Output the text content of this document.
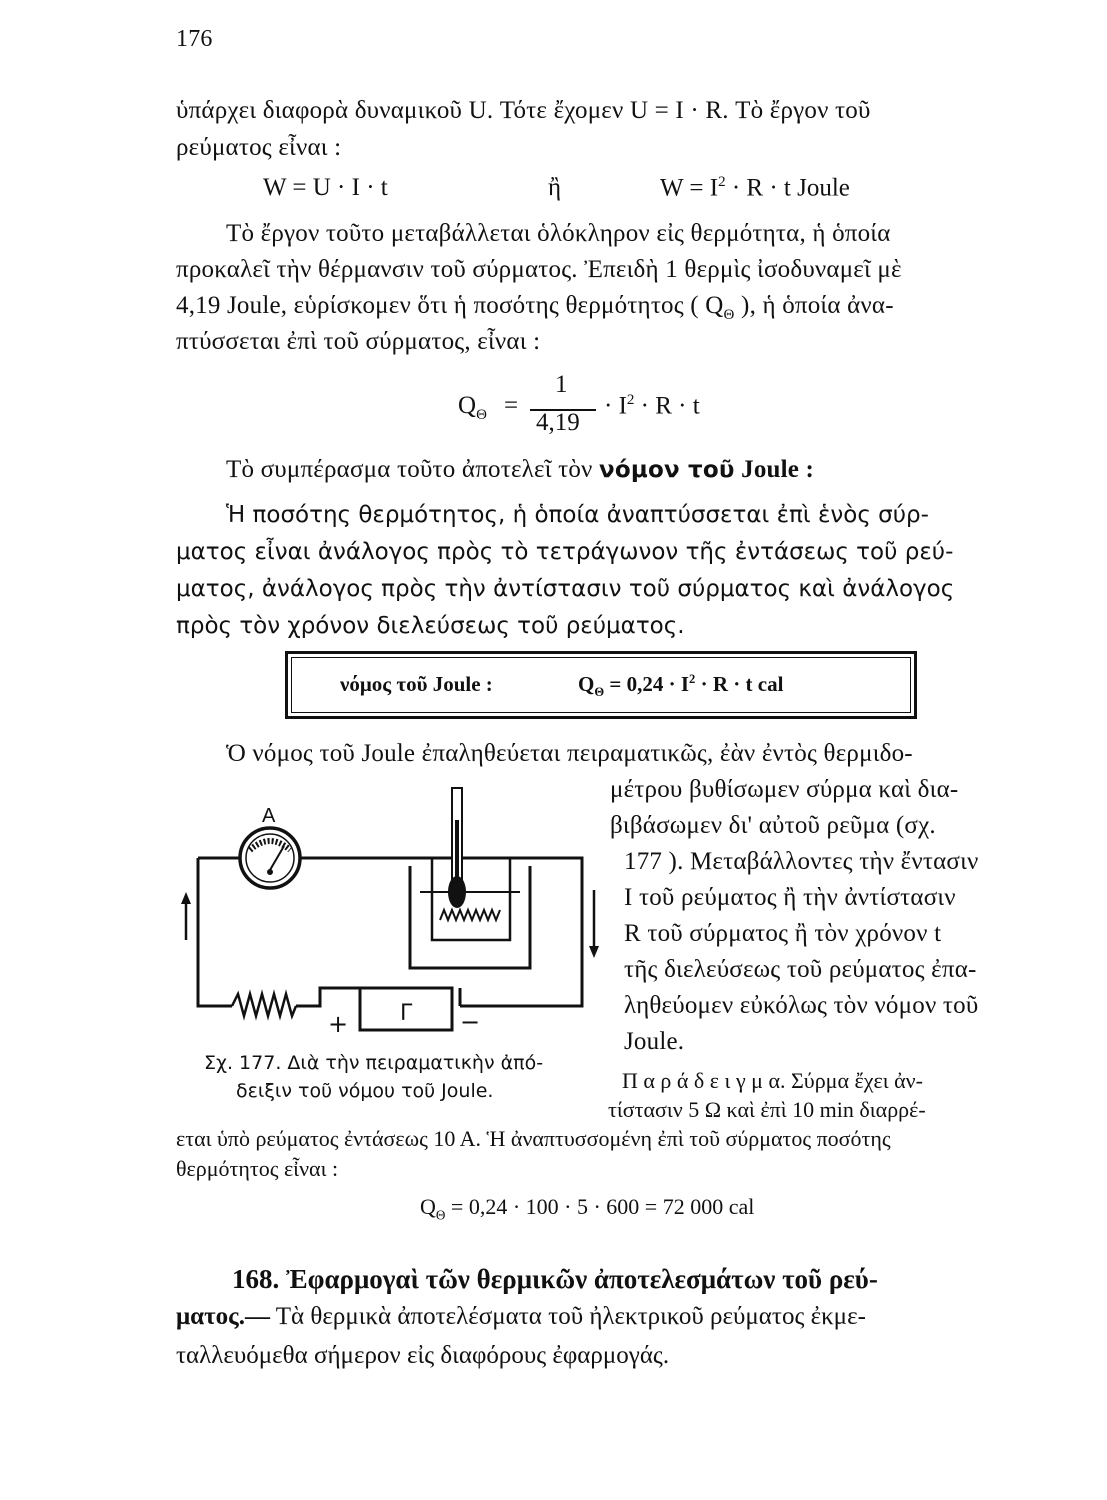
176
ὑπάρχει διαφορὰ δυναμικοῦ U. Τότε ἔχομεν U = I · R. Τὸ ἔργον τοῦ
ρεύματος εἶναι :
W = U · I · t	ἢ	$W = I^2 \cdot R \cdot t$ Joule
Τὸ ἔργον τοῦτο μεταβάλλεται ὁλόκληρον εἰς θερμότητα, ἡ ὁποία
προκαλεῖ τὴν θέρμανσιν τοῦ σύρματος. Ἐπειδὴ 1 θερμὶς ἰσοδυναμεῖ μὲ
4,19 Joule, εὑρίσκομεν ὅτι ἡ ποσότης θερμότητος ( $Q_\Theta$ ), ἡ ὁποία ἀνα-
πτύσσεται ἐπὶ τοῦ σύρματος, εἶναι :
$Q_\Theta$ =
1
4,19
· $I^2 \cdot R \cdot t$
Τὸ συμπέρασμα τοῦτο ἀποτελεῖ τὸν νόμον τοῦ Joule :
Ἡ ποσότης θερμότητος, ἡ ὁποία ἀναπτύσσεται ἐπὶ ἑνὸς σύρ-
ματος εἶναι ἀνάλογος πρὸς τὸ τετράγωνον τῆς ἐντάσεως τοῦ ρεύ-
ματος, ἀνάλογος πρὸς τὴν ἀντίστασιν τοῦ σύρματος καὶ ἀνάλογος
πρὸς τὸν χρόνον διελεύσεως τοῦ ρεύματος.
νόμος τοῦ Joule :	$Q_\Theta = 0,24 \cdot I^2 \cdot R \cdot t$ cal
Ὁ νόμος τοῦ Joule ἐπαληθεύεται πειραματικῶς, ἐὰν ἐντὸς θερμιδο-
μέτρου βυθίσωμεν σύρμα καὶ δια-
βιβάσωμεν δι' αὐτοῦ ρεῦμα (σχ.
177 ). Μεταβάλλοντες τὴν ἔντασιν
I τοῦ ρεύματος ἢ τὴν ἀντίστασιν
R τοῦ σύρματος ἢ τὸν χρόνον t
τῆς διελεύσεως τοῦ ρεύματος ἐπα-
ληθεύομεν εὐκόλως τὸν νόμον τοῦ
Joule.
A
+ Γ −
Σχ. 177. Διὰ τὴν πειραματικὴν ἀπό-
δειξιν τοῦ νόμου τοῦ Joule.	Π α ρ ά δ ε ι γ μ α. Σύρμα ἔχει ἀν-
τίστασιν 5 Ω καὶ ἐπὶ 10 min διαρρέ-
εται ὑπὸ ρεύματος ἐντάσεως 10 Α. Ἡ ἀναπτυσσομένη ἐπὶ τοῦ σύρματος ποσότης
θερμότητος εἶναι :
$Q_\Theta = 0,24 \cdot 100 \cdot 5 \cdot 600 = 72$ 000 cal
168. Ἐφαρμογαὶ τῶν θερμικῶν ἀποτελεσμάτων τοῦ ρεύ-
ματος.— Τὰ θερμικὰ ἀποτελέσματα τοῦ ἠλεκτρικοῦ ρεύματος ἐκμε-
ταλλευόμεθα σήμερον εἰς διαφόρους ἐφαρμογάς.
